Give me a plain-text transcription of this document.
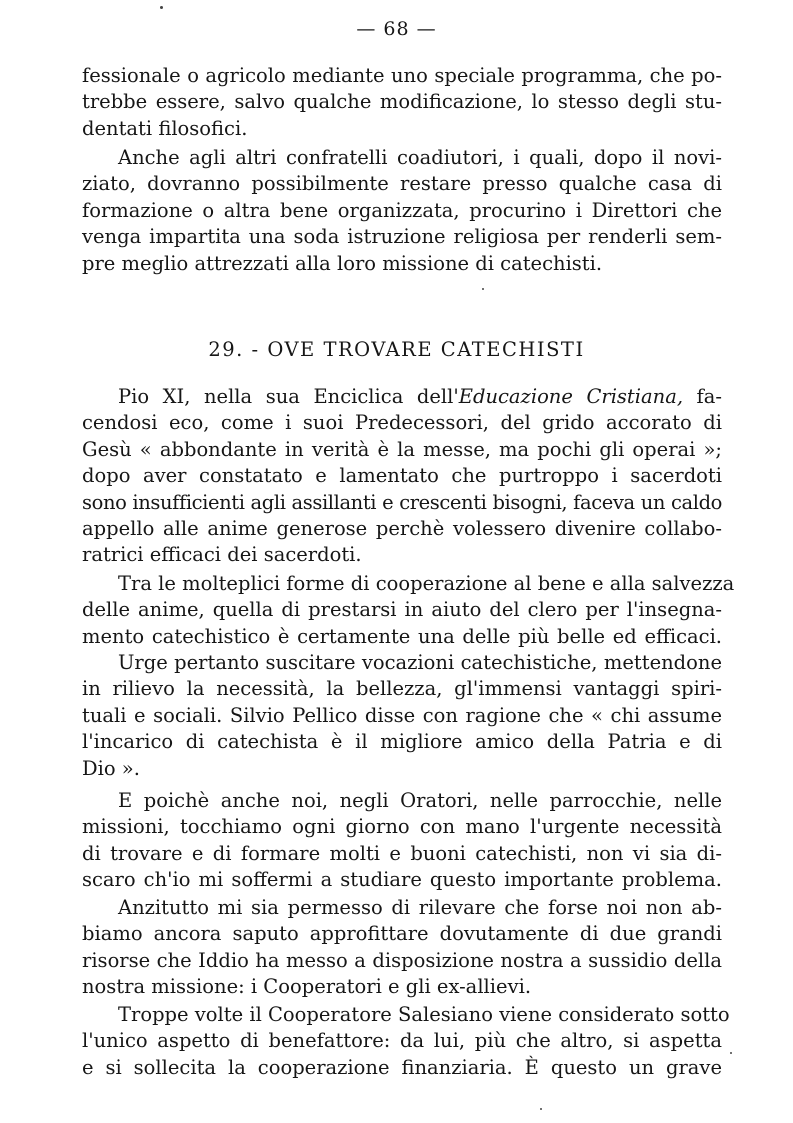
— 68 —
fessionale o agricolo mediante uno speciale programma, che po-
trebbe essere, salvo qualche modificazione, lo stesso degli stu-
dentati filosofici.
Anche agli altri confratelli coadiutori, i quali, dopo il novi-
ziato, dovranno possibilmente restare presso qualche casa di
formazione o altra bene organizzata, procurino i Direttori che
venga impartita una soda istruzione religiosa per renderli sem-
pre meglio attrezzati alla loro missione di catechisti.
29. - OVE TROVARE CATECHISTI
Pio XI, nella sua Enciclica dell'Educazione Cristiana, fa-
cendosi eco, come i suoi Predecessori, del grido accorato di
Gesù « abbondante in verità è la messe, ma pochi gli operai »;
dopo aver constatato e lamentato che purtroppo i sacerdoti
sono insufficienti agli assillanti e crescenti bisogni, faceva un caldo
appello alle anime generose perchè volessero divenire collabo-
ratrici efficaci dei sacerdoti.
Tra le molteplici forme di cooperazione al bene e alla salvezza
delle anime, quella di prestarsi in aiuto del clero per l'insegna-
mento catechistico è certamente una delle più belle ed efficaci.
Urge pertanto suscitare vocazioni catechistiche, mettendone
in rilievo la necessità, la bellezza, gl'immensi vantaggi spiri-
tuali e sociali. Silvio Pellico disse con ragione che « chi assume
l'incarico di catechista è il migliore amico della Patria e di
Dio ».
E poichè anche noi, negli Oratori, nelle parrocchie, nelle
missioni, tocchiamo ogni giorno con mano l'urgente necessità
di trovare e di formare molti e buoni catechisti, non vi sia di-
scaro ch'io mi soffermi a studiare questo importante problema.
Anzitutto mi sia permesso di rilevare che forse noi non ab-
biamo ancora saputo approfittare dovutamente di due grandi
risorse che Iddio ha messo a disposizione nostra a sussidio della
nostra missione: i Cooperatori e gli ex-allievi.
Troppe volte il Cooperatore Salesiano viene considerato sotto
l'unico aspetto di benefattore: da lui, più che altro, si aspetta
e si sollecita la cooperazione finanziaria. È questo un grave
